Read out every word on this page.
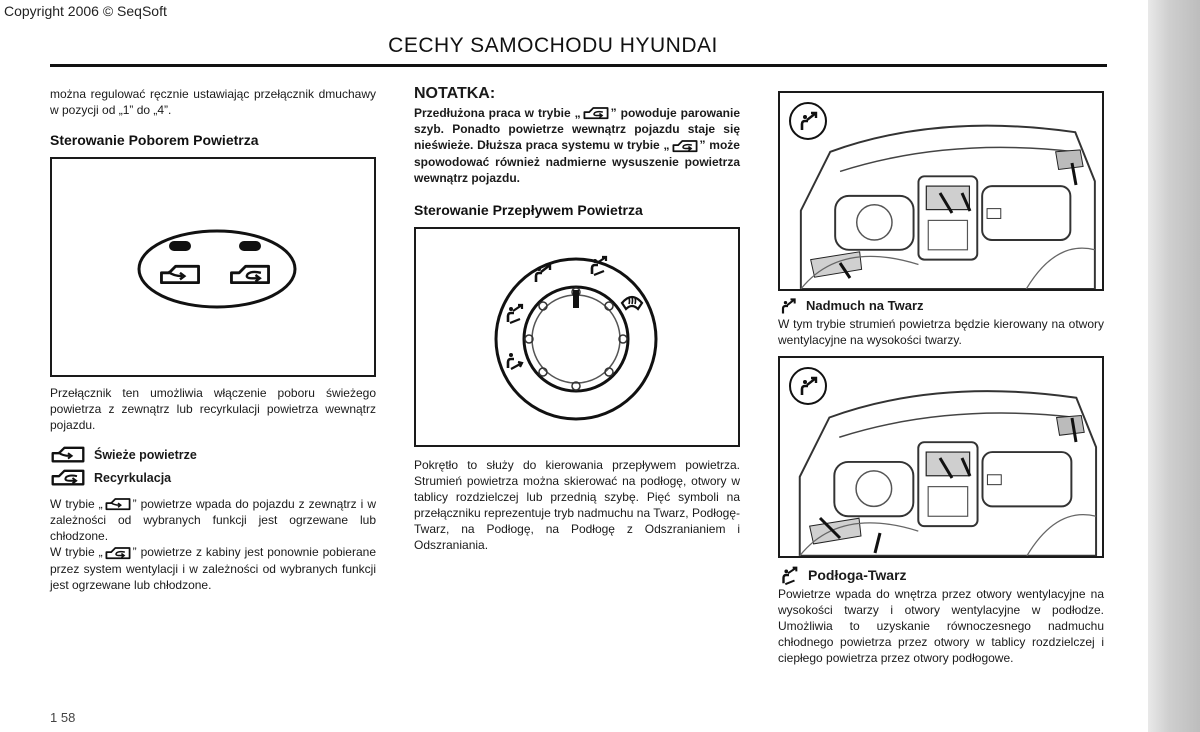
Copyright 2006 © SeqSoft
CECHY SAMOCHODU HYUNDAI

można regulować ręcznie ustawiając przełącznik dmuchawy w pozycji od „1” do „4”.

Sterowanie Poborem Powietrza

Przełącznik ten umożliwia włączenie poboru świeżego powietrza z zewnątrz lub recyrkulacji powietrza wewnątrz pojazdu.

Świeże powietrze
Recyrkulacja

W trybie „	” powietrze wpada do pojazdu z zewnątrz i w zależności od wybranych funkcji jest ogrzewane lub chłodzone.

W trybie „	” powietrze z kabiny jest ponownie pobierane przez system wentylacji i w zależności od wybranych funkcji jest ogrzewane lub chłodzone.

NOTATKA:

Przedłużona praca w trybie „	” powoduje parowanie szyb. Ponadto powietrze wewnątrz pojazdu staje się nieświeże. Dłuższa praca systemu w trybie „	” może spowodować również nadmierne wysuszenie powietrza wewnątrz pojazdu.

Sterowanie Przepływem Powietrza

Pokrętło to służy do kierowania przepływem powietrza. Strumień powietrza można skierować na podłogę, otwory w tablicy rozdzielczej lub przednią szybę. Pięć symboli na przełączniku reprezentuje tryb nadmuchu na Twarz, Podłogę-Twarz, na Podłogę, na Podłogę z Odszranianiem i Odszraniania.

Nadmuch na Twarz

W tym trybie strumień powietrza będzie kierowany na otwory wentylacyjne na wysokości twarzy.

Podłoga-Twarz

Powietrze wpada do wnętrza przez otwory wentylacyjne na wysokości twarzy i otwory wentylacyjne w podłodze. Umożliwia to uzyskanie równoczesnego nadmuchu chłodnego powietrza przez otwory w tablicy rozdzielczej i ciepłego powietrza przez otwory podłogowe.

1 58
